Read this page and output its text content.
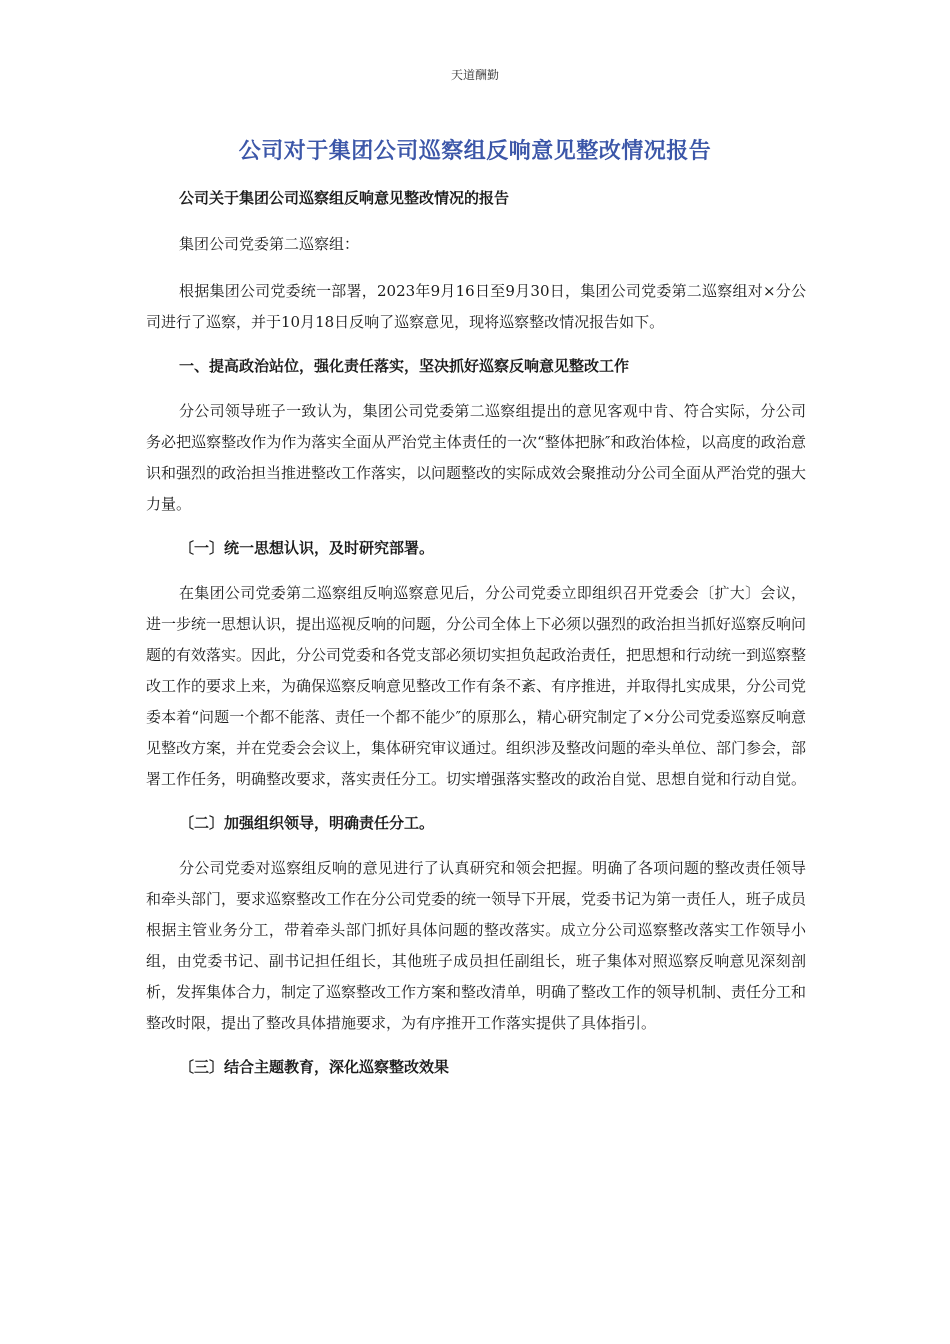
天道酬勤
公司对于集团公司巡察组反响意见整改情况报告

公司关于集团公司巡察组反响意见整改情况的报告

集团公司党委第二巡察组：

根据集团公司党委统一部署，2023年9月16日至9月30日，集团公司党委第二巡察组对×分公司进行了巡察，并于10月18日反响了巡察意见，现将巡察整改情况报告如下。

一、提高政治站位，强化责任落实，坚决抓好巡察反响意见整改工作

分公司领导班子一致认为，集团公司党委第二巡察组提出的意见客观中肯、符合实际，分公司务必把巡察整改作为作为落实全面从严治党主体责任的一次“整体把脉″和政治体检，以高度的政治意识和强烈的政治担当推进整改工作落实，以问题整改的实际成效会聚推动分公司全面从严治党的强大力量。

〔一〕统一思想认识，及时研究部署。

在集团公司党委第二巡察组反响巡察意见后，分公司党委立即组织召开党委会〔扩大〕会议，进一步统一思想认识，提出巡视反响的问题，分公司全体上下必须以强烈的政治担当抓好巡察反响问题的有效落实。因此，分公司党委和各党支部必须切实担负起政治责任，把思想和行动统一到巡察整改工作的要求上来，为确保巡察反响意见整改工作有条不紊、有序推进，并取得扎实成果，分公司党委本着“问题一个都不能落、责任一个都不能少″的原那么，精心研究制定了×分公司党委巡察反响意见整改方案，并在党委会会议上，集体研究审议通过。组织涉及整改问题的牵头单位、部门参会，部署工作任务，明确整改要求，落实责任分工。切实增强落实整改的政治自觉、思想自觉和行动自觉。

〔二〕加强组织领导，明确责任分工。

分公司党委对巡察组反响的意见进行了认真研究和领会把握。明确了各项问题的整改责任领导和牵头部门，要求巡察整改工作在分公司党委的统一领导下开展，党委书记为第一责任人，班子成员根据主管业务分工，带着牵头部门抓好具体问题的整改落实。成立分公司巡察整改落实工作领导小组，由党委书记、副书记担任组长，其他班子成员担任副组长，班子集体对照巡察反响意见深刻剖析，发挥集体合力，制定了巡察整改工作方案和整改清单，明确了整改工作的领导机制、责任分工和整改时限，提出了整改具体措施要求，为有序推开工作落实提供了具体指引。

〔三〕结合主题教育，深化巡察整改效果
